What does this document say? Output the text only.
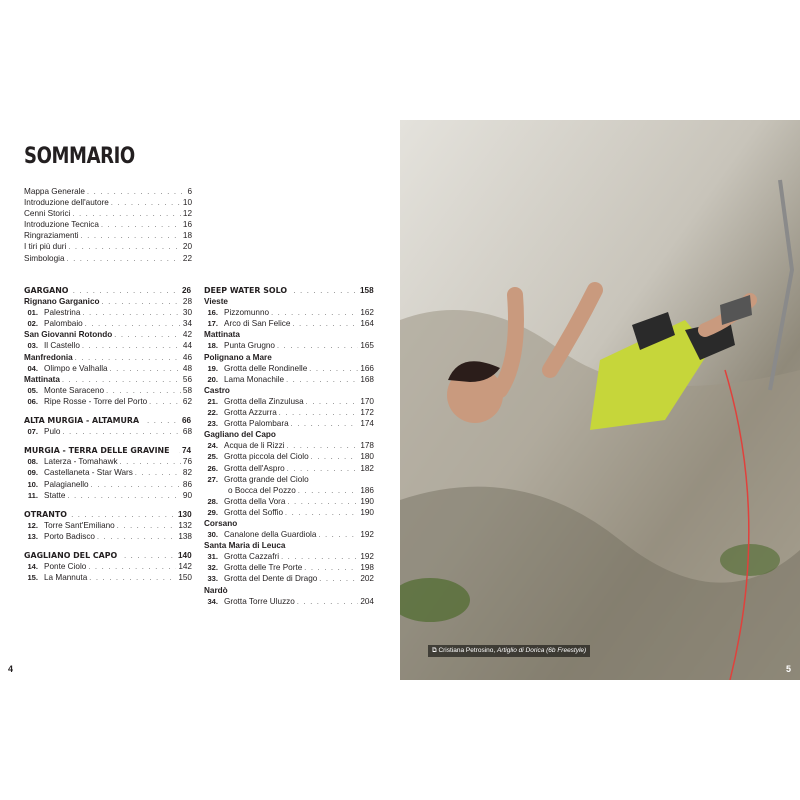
SOMMARIO
Mappa Generale . . .	6
Introduzione dell'autore . . .	10
Cenni Storici . . .	12
Introduzione Tecnica . . .	16
Ringraziamenti . . .	18
I tiri più duri . . .	20
Simbologia . . .	22
GARGANO . . .	26
Rignano Garganico . . .	28
01. Palestrina . . .	30
02. Palombaio . . .	34
San Giovanni Rotondo . . .	42
03. Il Castello . . .	44
Manfredonia . . .	46
04. Olimpo e Valhalla . . .	48
Mattinata . . .	56
05. Monte Saraceno . . .	58
06. Ripe Rosse - Torre del Porto . . .	62
ALTA MURGIA - ALTAMURA . . .	66
07. Pulo . . .	68
MURGIA - TERRA DELLE GRAVINE . . . 74
08. Laterza - Tomahawk . . .	76
09. Castellaneta - Star Wars . . .	82
10. Palagianello . . .	86
11. Statte . . .	90
OTRANTO . . .	130
12. Torre Sant'Emiliano . . .	132
13. Porto Badisco . . .	138
GAGLIANO DEL CAPO . . .	140
14. Ponte Ciolo . . .	142
15. La Mannuta . . .	150
DEEP WATER SOLO . . .	158
Vieste
16. Pizzomunno . . .	162
17. Arco di San Felice . . .	164
Mattinata
18. Punta Grugno . . .	165
Polignano a Mare
19. Grotta delle Rondinelle . . .	166
20. Lama Monachile . . .	168
Castro
21. Grotta della Zinzulusa . . .	170
22. Grotta Azzurra . . .	172
23. Grotta Palombara . . .	174
Gagliano del Capo
24. Acqua de li Rizzi . . .	178
25. Grotta piccola del Ciolo . . .	180
26. Grotta dell'Aspro . . .	182
27. Grotta grande del Ciolo
o Bocca del Pozzo . . .	186
28. Grotta della Vora . . .	190
29. Grotta del Soffio . . .	190
Corsano
30. Canalone della Guardiola . . .	192
Santa Maria di Leuca
31. Grotta Cazzafri . . .	192
32. Grotta delle Tre Porte . . .	198
33. Grotta del Dente di Drago . . .	202
Nardò
34. Grotta Torre Uluzzo . . .	204
4
⧉ Cristiana Petrosino, Artiglio di Dorica (6b Freestyle)
5
